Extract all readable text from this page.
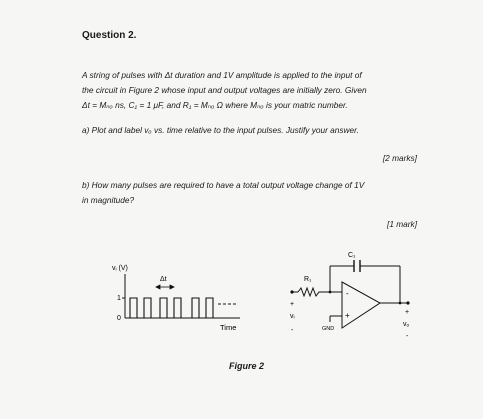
Question 2.
A string of pulses with Δt duration and 1V amplitude is applied to the input of
the circuit in Figure 2 whose input and output voltages are initially zero. Given
Δt = Mₙₒ ns, C₁ = 1 μF, and R₁ = Mₙₒ Ω where Mₙₒ is your matric number.
a) Plot and label vₒ vs. time relative to the input pulses. Justify your answer.
[2 marks]
b) How many pulses are required to have a total output voltage change of 1V
in magnitude?
[1 mark]
vᵢ (V)
Δt
1
0
Time
C₁
R₁
-
+
+
vᵢ
-	GND
+
vₒ
-
Figure 2
